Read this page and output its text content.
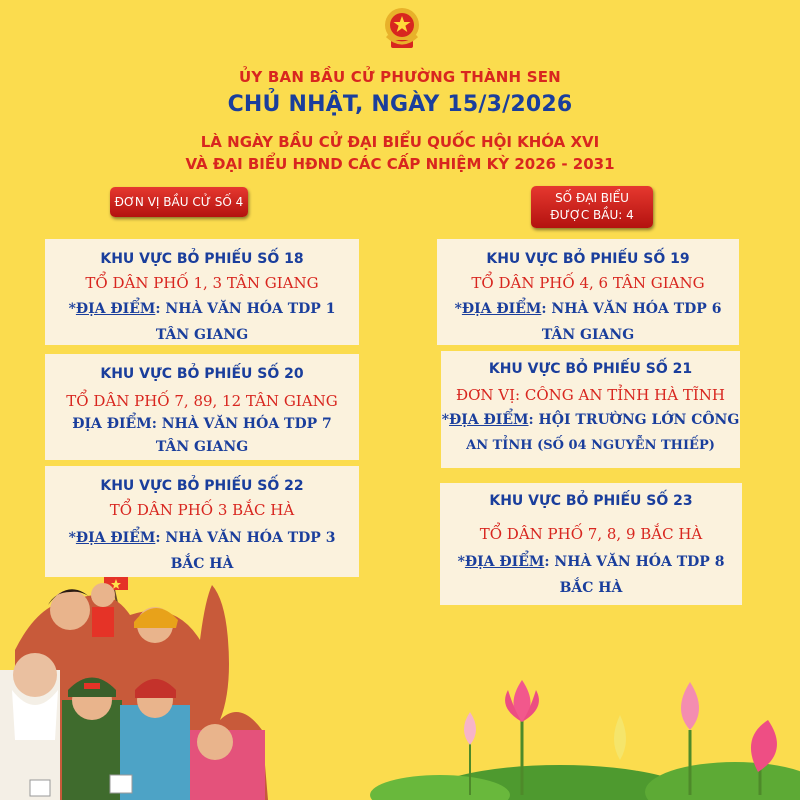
ỦY BAN BẦU CỬ PHƯỜNG THÀNH SEN
CHỦ NHẬT, NGÀY 15/3/2026
LÀ NGÀY BẦU CỬ ĐẠI BIỂU QUỐC HỘI KHÓA XVI
VÀ ĐẠI BIỂU HĐND CÁC CẤP NHIỆM KỲ 2026 - 2031
ĐƠN VỊ BẦU CỬ SỐ 4	SỐ ĐẠI BIỂU
ĐƯỢC BẦU: 4
KHU VỰC BỎ PHIẾU SỐ 18
TỔ DÂN PHỐ 1, 3 TÂN GIANG
*ĐỊA ĐIỂM: NHÀ VĂN HÓA TDP 1
TÂN GIANG
KHU VỰC BỎ PHIẾU SỐ 19
TỔ DÂN PHỐ 4, 6 TÂN GIANG
*ĐỊA ĐIỂM: NHÀ VĂN HÓA TDP 6
TÂN GIANG
KHU VỰC BỎ PHIẾU SỐ 20
TỔ DÂN PHỐ 7, 89, 12 TÂN GIANG
ĐỊA ĐIỂM: NHÀ VĂN HÓA TDP 7
TÂN GIANG
KHU VỰC BỎ PHIẾU SỐ 21
ĐƠN VỊ: CÔNG AN TỈNH HÀ TĨNH
*ĐỊA ĐIỂM: HỘI TRƯỜNG LỚN CÔNG
AN TỈNH (SỐ 04 NGUYỄN THIẾP)
KHU VỰC BỎ PHIẾU SỐ 22
TỔ DÂN PHỐ 3 BẮC HÀ
*ĐỊA ĐIỂM: NHÀ VĂN HÓA TDP 3
BẮC HÀ
KHU VỰC BỎ PHIẾU SỐ 23
TỔ DÂN PHỐ 7, 8, 9 BẮC HÀ
*ĐỊA ĐIỂM: NHÀ VĂN HÓA TDP 8
BẮC HÀ
